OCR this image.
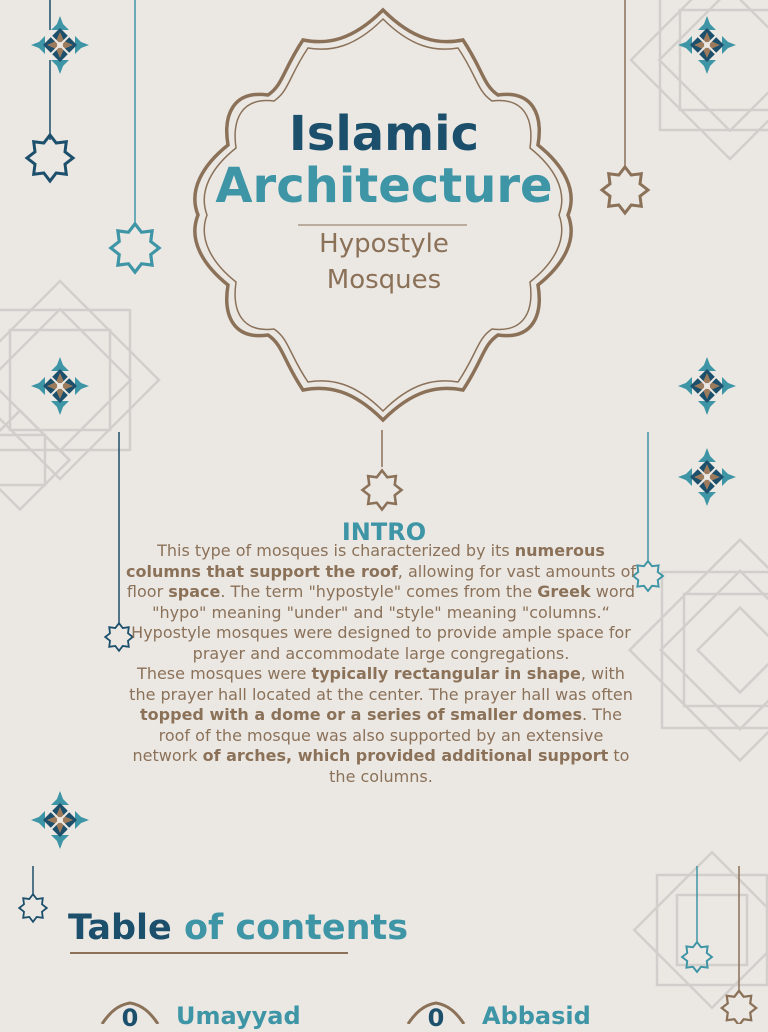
Islamic
Architecture
Hypostyle
Mosques
INTRO
This type of mosques is characterized by its numerous columns that support the roof, allowing for vast amounts of floor space. The term "hypostyle" comes from the Greek word "hypo" meaning "under" and "style" meaning "columns.“
Hypostyle mosques were designed to provide ample space for prayer and accommodate large congregations.
These mosques were typically rectangular in shape, with the prayer hall located at the center. The prayer hall was often topped with a dome or a series of smaller domes. The roof of the mosque was also supported by an extensive network of arches, which provided additional support to the columns.
Table of contents
0	Umayyad	0	Abbasid
